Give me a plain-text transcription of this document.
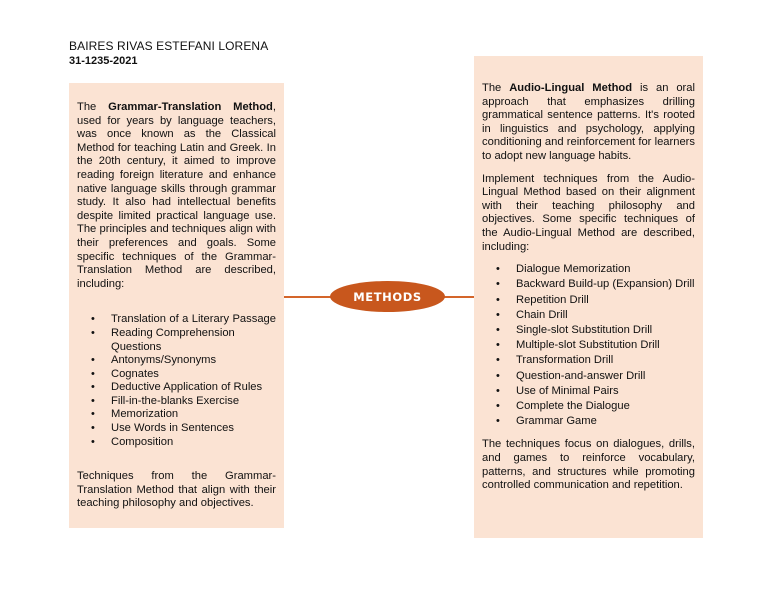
BAIRES RIVAS ESTEFANI LORENA
31-1235-2021

The Grammar-Translation Method, used for years by language teachers, was once known as the Classical Method for teaching Latin and Greek. In the 20th century, it aimed to improve reading foreign literature and enhance native language skills through grammar study. It also had intellectual benefits despite limited practical language use. The principles and techniques align with their preferences and goals. Some specific techniques of the Grammar-Translation Method are described, including:

• Translation of a Literary Passage
• Reading Comprehension Questions
• Antonyms/Synonyms
• Cognates
• Deductive Application of Rules
• Fill-in-the-blanks Exercise
• Memorization
• Use Words in Sentences
• Composition

Techniques from the Grammar-Translation Method that align with their teaching philosophy and objectives.

METHODS

The Audio-Lingual Method is an oral approach that emphasizes drilling grammatical sentence patterns. It's rooted in linguistics and psychology, applying conditioning and reinforcement for learners to adopt new language habits.

Implement techniques from the Audio-Lingual Method based on their alignment with their teaching philosophy and objectives. Some specific techniques of the Audio-Lingual Method are described, including:

• Dialogue Memorization
• Backward Build-up (Expansion) Drill
• Repetition Drill
• Chain Drill
• Single-slot Substitution Drill
• Multiple-slot Substitution Drill
• Transformation Drill
• Question-and-answer Drill
• Use of Minimal Pairs
• Complete the Dialogue
• Grammar Game

The techniques focus on dialogues, drills, and games to reinforce vocabulary, patterns, and structures while promoting controlled communication and repetition.
